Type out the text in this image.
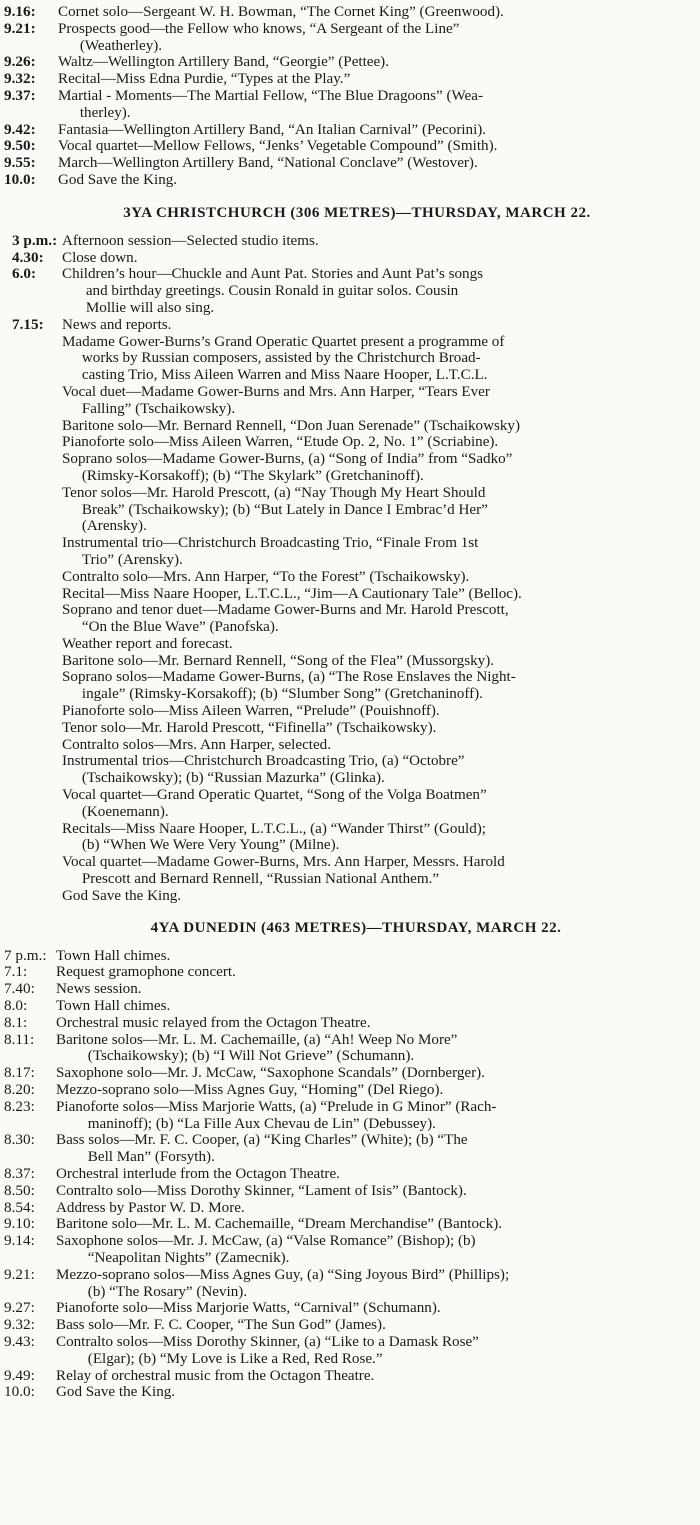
9.16: Cornet solo—Sergeant W. H. Bowman, “The Cornet King” (Greenwood).
9.21: Prospects good—the Fellow who knows, “A Sergeant of the Line”
(Weatherley).
9.26: Waltz—Wellington Artillery Band, “Georgie” (Pettee).
9.32: Recital—Miss Edna Purdie, “Types at the Play.”
9.37: Martial - Moments—The Martial Fellow, “The Blue Dragoons” (Wea-
therley).
9.42: Fantasia—Wellington Artillery Band, “An Italian Carnival” (Pecorini).
9.50: Vocal quartet—Mellow Fellows, “Jenks’ Vegetable Compound” (Smith).
9.55: March—Wellington Artillery Band, “National Conclave” (Westover).
10.0: God Save the King.
3YA CHRISTCHURCH (306 METRES)—THURSDAY, MARCH 22.
3 p.m.: Afternoon session—Selected studio items.
4.30: Close down.
6.0: Children’s hour—Chuckle and Aunt Pat. Stories and Aunt Pat’s songs
and birthday greetings. Cousin Ronald in guitar solos. Cousin
Mollie will also sing.
7.15: News and reports.
Madame Gower-Burns’s Grand Operatic Quartet present a programme of
works by Russian composers, assisted by the Christchurch Broad-
casting Trio, Miss Aileen Warren and Miss Naare Hooper, L.T.C.L.
Vocal duet—Madame Gower-Burns and Mrs. Ann Harper, “Tears Ever
Falling” (Tschaikowsky).
Baritone solo—Mr. Bernard Rennell, “Don Juan Serenade” (Tschaikowsky)
Pianoforte solo—Miss Aileen Warren, “Etude Op. 2, No. 1” (Scriabine).
Soprano solos—Madame Gower-Burns, (a) “Song of India” from “Sadko”
(Rimsky-Korsakoff); (b) “The Skylark” (Gretchaninoff).
Tenor solos—Mr. Harold Prescott, (a) “Nay Though My Heart Should
Break” (Tschaikowsky); (b) “But Lately in Dance I Embrac’d Her”
(Arensky).
Instrumental trio—Christchurch Broadcasting Trio, “Finale From 1st
Trio” (Arensky).
Contralto solo—Mrs. Ann Harper, “To the Forest” (Tschaikowsky).
Recital—Miss Naare Hooper, L.T.C.L., “Jim—A Cautionary Tale” (Belloc).
Soprano and tenor duet—Madame Gower-Burns and Mr. Harold Prescott,
“On the Blue Wave” (Panofska).
Weather report and forecast.
Baritone solo—Mr. Bernard Rennell, “Song of the Flea” (Mussorgsky).
Soprano solos—Madame Gower-Burns, (a) “The Rose Enslaves the Night-
ingale” (Rimsky-Korsakoff); (b) “Slumber Song” (Gretchaninoff).
Pianoforte solo—Miss Aileen Warren, “Prelude” (Pouishnoff).
Tenor solo—Mr. Harold Prescott, “Fifinella” (Tschaikowsky).
Contralto solos—Mrs. Ann Harper, selected.
Instrumental trios—Christchurch Broadcasting Trio, (a) “Octobre”
(Tschaikowsky); (b) “Russian Mazurka” (Glinka).
Vocal quartet—Grand Operatic Quartet, “Song of the Volga Boatmen”
(Koenemann).
Recitals—Miss Naare Hooper, L.T.C.L., (a) “Wander Thirst” (Gould);
(b) “When We Were Very Young” (Milne).
Vocal quartet—Madame Gower-Burns, Mrs. Ann Harper, Messrs. Harold
Prescott and Bernard Rennell, “Russian National Anthem.”
God Save the King.
4YA DUNEDIN (463 METRES)—THURSDAY, MARCH 22.
7 p.m.: Town Hall chimes.
7.1: Request gramophone concert.
7.40: News session.
8.0: Town Hall chimes.
8.1: Orchestral music relayed from the Octagon Theatre.
8.11: Baritone solos—Mr. L. M. Cachemaille, (a) “Ah! Weep No More”
(Tschaikowsky); (b) “I Will Not Grieve” (Schumann).
8.17: Saxophone solo—Mr. J. McCaw, “Saxophone Scandals” (Dornberger).
8.20: Mezzo-soprano solo—Miss Agnes Guy, “Homing” (Del Riego).
8.23: Pianoforte solos—Miss Marjorie Watts, (a) “Prelude in G Minor” (Rach-
maninoff); (b) “La Fille Aux Chevau de Lin” (Debussey).
8.30: Bass solos—Mr. F. C. Cooper, (a) “King Charles” (White); (b) “The
Bell Man” (Forsyth).
8.37: Orchestral interlude from the Octagon Theatre.
8.50: Contralto solo—Miss Dorothy Skinner, “Lament of Isis” (Bantock).
8.54: Address by Pastor W. D. More.
9.10: Baritone solo—Mr. L. M. Cachemaille, “Dream Merchandise” (Bantock).
9.14: Saxophone solos—Mr. J. McCaw, (a) “Valse Romance” (Bishop); (b)
“Neapolitan Nights” (Zamecnik).
9.21: Mezzo-soprano solos—Miss Agnes Guy, (a) “Sing Joyous Bird” (Phillips);
(b) “The Rosary” (Nevin).
9.27: Pianoforte solo—Miss Marjorie Watts, “Carnival” (Schumann).
9.32: Bass solo—Mr. F. C. Cooper, “The Sun God” (James).
9.43: Contralto solos—Miss Dorothy Skinner, (a) “Like to a Damask Rose”
(Elgar); (b) “My Love is Like a Red, Red Rose.”
9.49: Relay of orchestral music from the Octagon Theatre.
10.0: God Save the King.
